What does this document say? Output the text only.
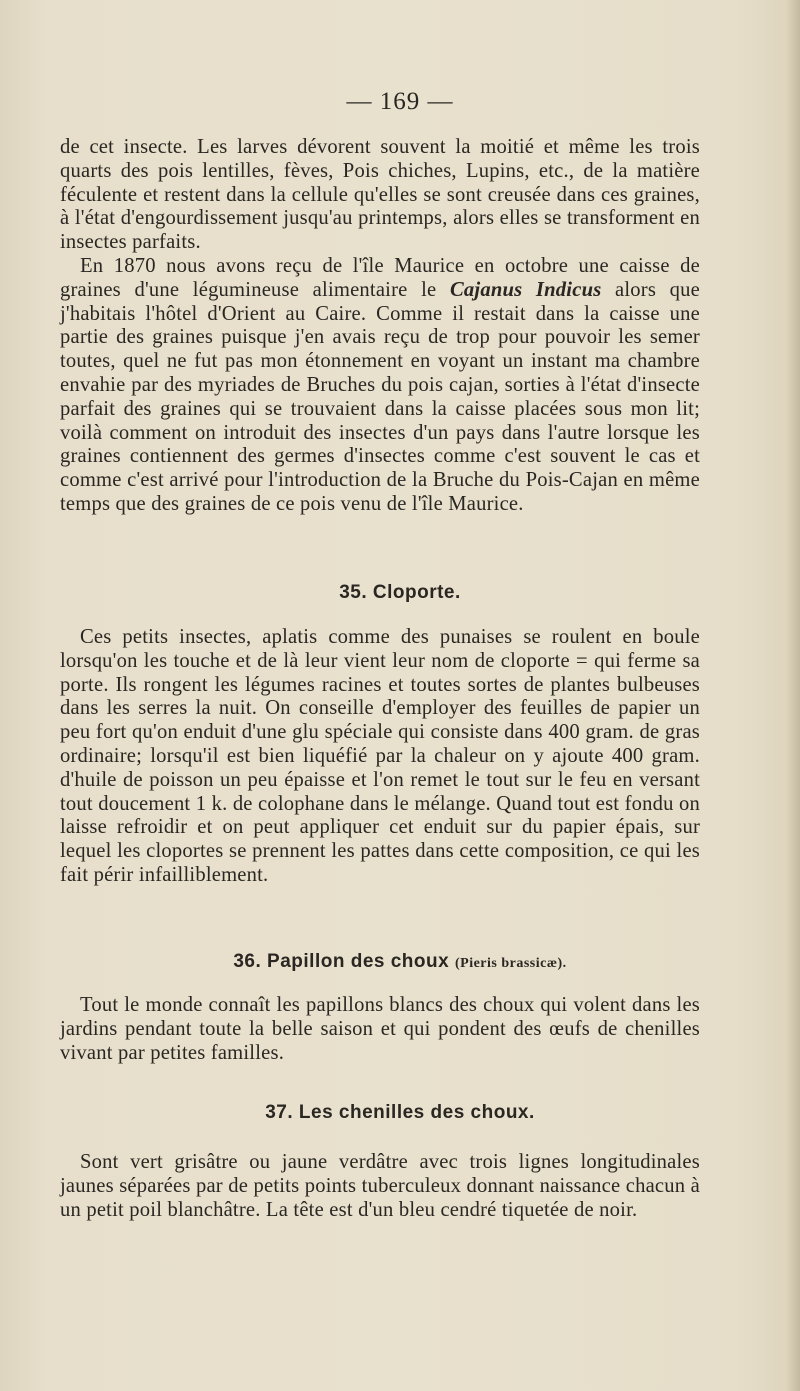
— 169 —

de cet insecte. Les larves dévorent souvent la moitié et même les trois quarts des pois lentilles, fèves, Pois chiches, Lupins, etc., de la matière féculente et restent dans la cellule qu'elles se sont creusée dans ces graines, à l'état d'engourdissement jusqu'au printemps, alors elles se transforment en insectes parfaits.

En 1870 nous avons reçu de l'île Maurice en octobre une caisse de graines d'une légumineuse alimentaire le Cajanus Indicus alors que j'habitais l'hôtel d'Orient au Caire. Comme il restait dans la caisse une partie des graines puisque j'en avais reçu de trop pour pouvoir les semer toutes, quel ne fut pas mon étonnement en voyant un instant ma chambre envahie par des myriades de Bruches du pois cajan, sorties à l'état d'insecte parfait des graines qui se trouvaient dans la caisse placées sous mon lit; voilà comment on introduit des insectes d'un pays dans l'autre lorsque les graines contiennent des germes d'insectes comme c'est souvent le cas et comme c'est arrivé pour l'introduction de la Bruche du Pois-Cajan en même temps que des graines de ce pois venu de l'île Maurice.

35. Cloporte.

Ces petits insectes, aplatis comme des punaises se roulent en boule lorsqu'on les touche et de là leur vient leur nom de cloporte = qui ferme sa porte. Ils rongent les légumes racines et toutes sortes de plantes bulbeuses dans les serres la nuit. On conseille d'employer des feuilles de papier un peu fort qu'on enduit d'une glu spéciale qui consiste dans 400 gram. de gras ordinaire; lorsqu'il est bien liquéfié par la chaleur on y ajoute 400 gram. d'huile de poisson un peu épaisse et l'on remet le tout sur le feu en versant tout doucement 1 k. de colophane dans le mélange. Quand tout est fondu on laisse refroidir et on peut appliquer cet enduit sur du papier épais, sur lequel les cloportes se prennent les pattes dans cette composition, ce qui les fait périr infailliblement.

36. Papillon des choux (Pieris brassicæ).

Tout le monde connaît les papillons blancs des choux qui volent dans les jardins pendant toute la belle saison et qui pondent des œufs de chenilles vivant par petites familles.

37. Les chenilles des choux.

Sont vert grisâtre ou jaune verdâtre avec trois lignes longitudinales jaunes séparées par de petits points tuberculeux donnant naissance chacun à un petit poil blanchâtre. La tête est d'un bleu cendré tiquetée de noir.
